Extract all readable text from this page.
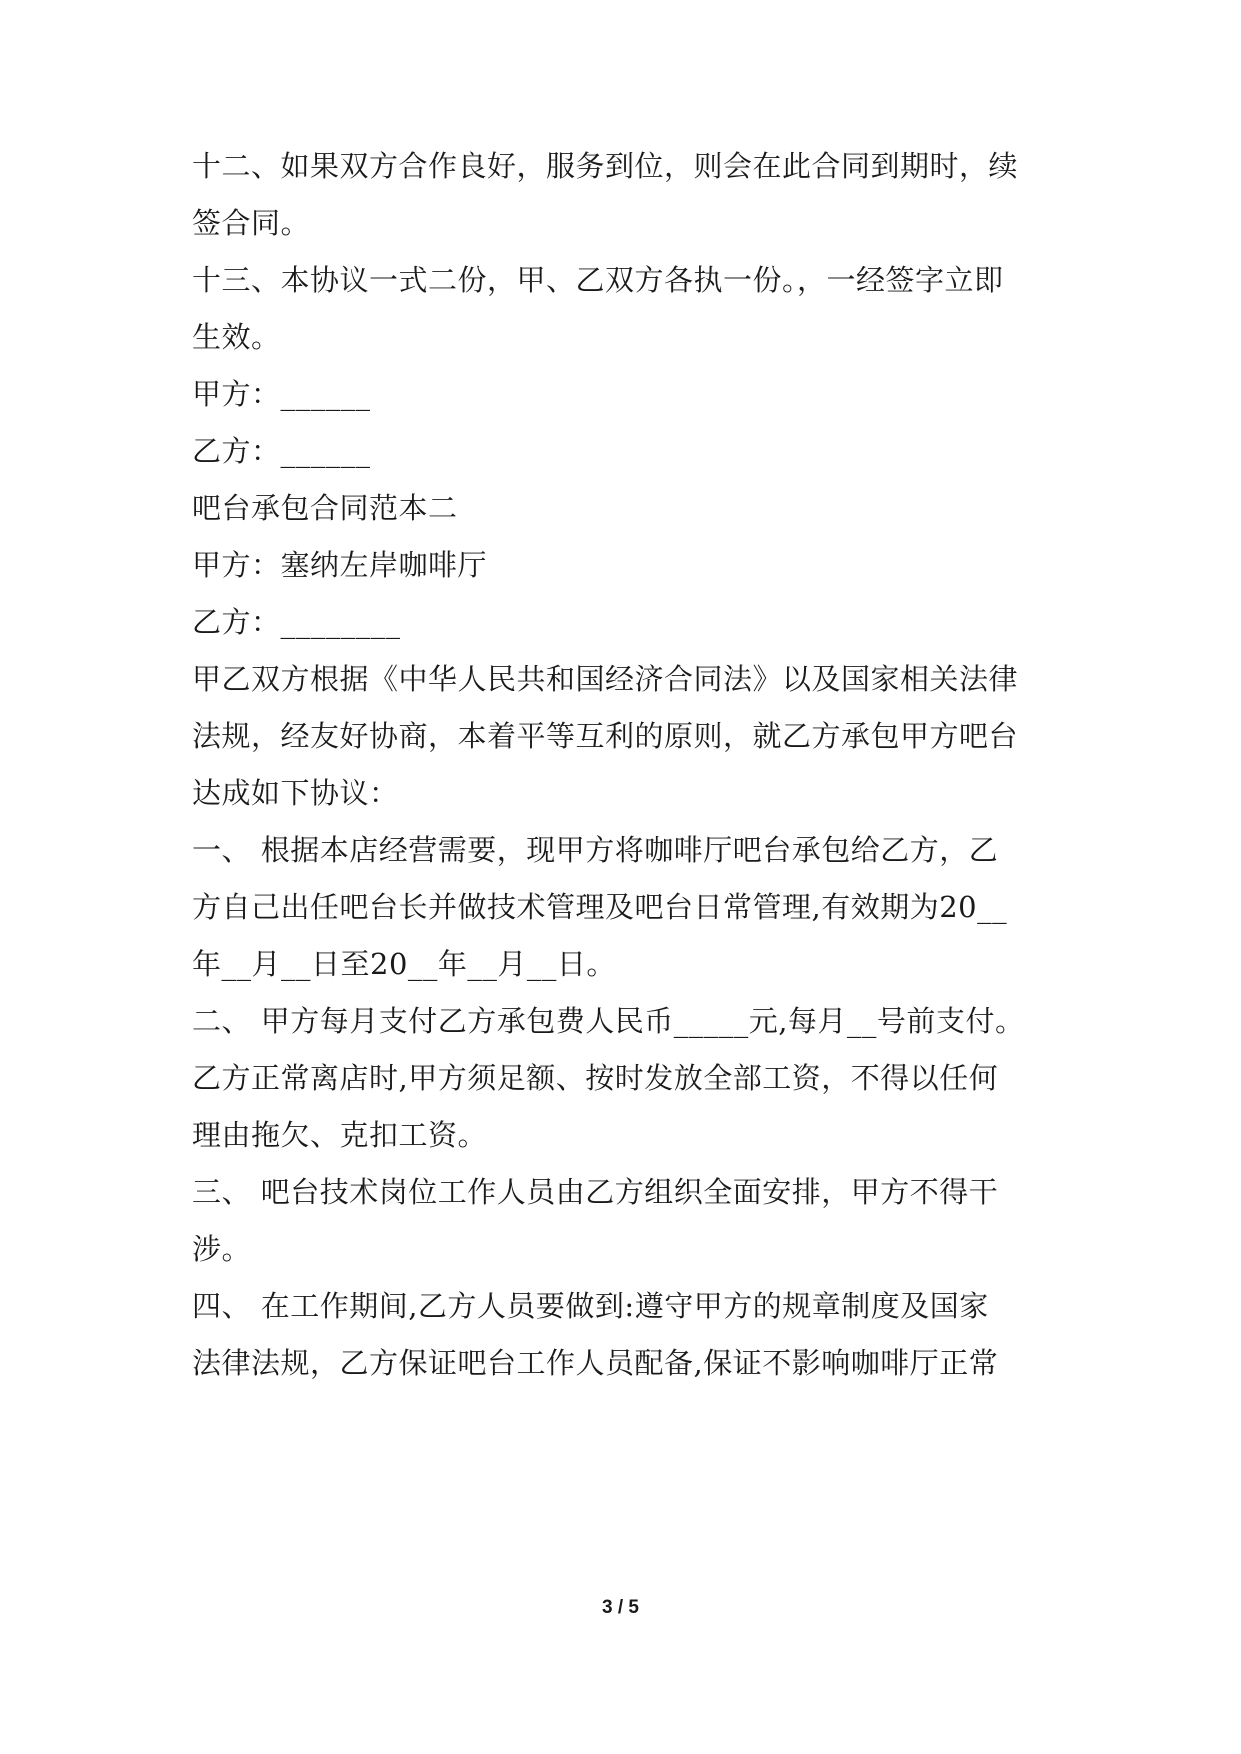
十二、如果双方合作良好，服务到位，则会在此合同到期时，续
签合同。
十三、本协议一式二份，甲、乙双方各执一份。，一经签字立即
生效。
甲方：______
乙方：______
吧台承包合同范本二
甲方：塞纳左岸咖啡厅
乙方：________
甲乙双方根据《中华人民共和国经济合同法》以及国家相关法律
法规，经友好协商，本着平等互利的原则，就乙方承包甲方吧台
达成如下协议：
一、 根据本店经营需要，现甲方将咖啡厅吧台承包给乙方，乙
方自己出任吧台长并做技术管理及吧台日常管理,有效期为20__
年__月__日至20__年__月__日。
二、 甲方每月支付乙方承包费人民币_____元,每月__号前支付。
乙方正常离店时,甲方须足额、按时发放全部工资，不得以任何
理由拖欠、克扣工资。
三、 吧台技术岗位工作人员由乙方组织全面安排，甲方不得干
涉。
四、 在工作期间,乙方人员要做到:遵守甲方的规章制度及国家
法律法规，乙方保证吧台工作人员配备,保证不影响咖啡厅正常
3 / 5
